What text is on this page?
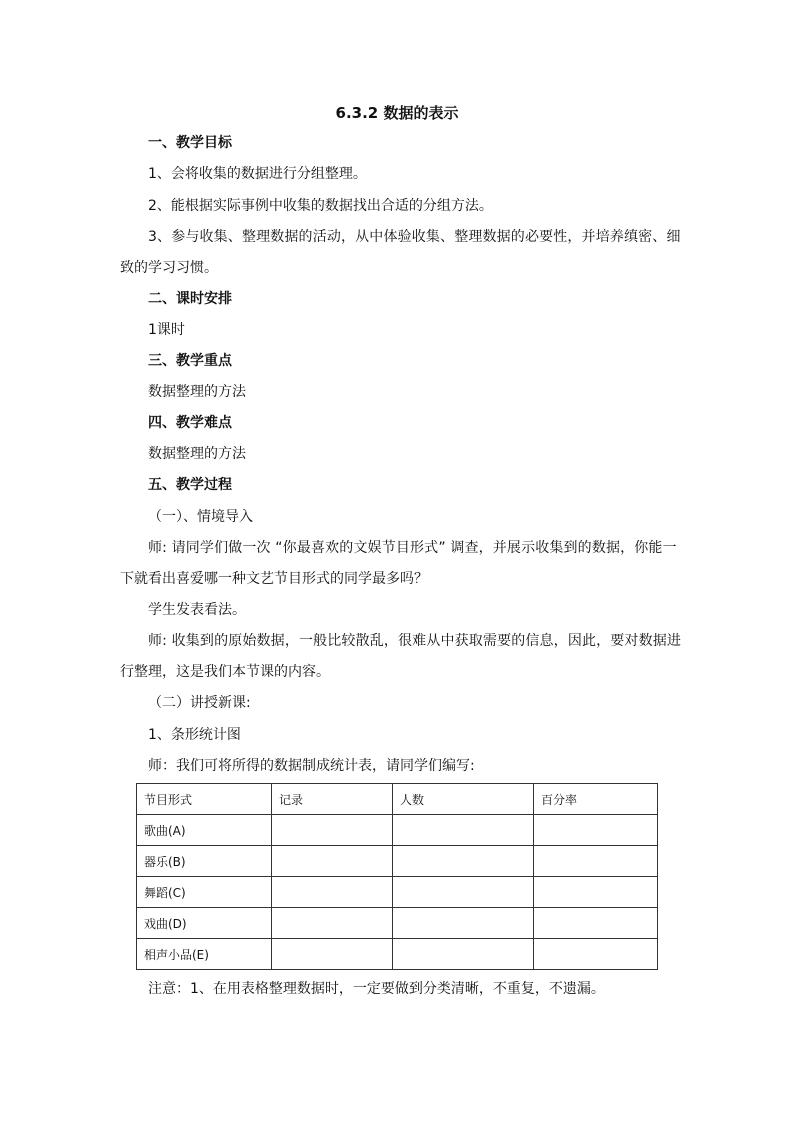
6.3.2 数据的表示

一、教学目标

1、会将收集的数据进行分组整理。

2、能根据实际事例中收集的数据找出合适的分组方法。

3、参与收集、整理数据的活动，从中体验收集、整理数据的必要性，并培养缜密、细

致的学习习惯。

二、课时安排

1课时

三、教学重点

数据整理的方法

四、教学难点

数据整理的方法

五、教学过程

（一）、情境导入

师: 请同学们做一次 “你最喜欢的文娱节目形式” 调查，并展示收集到的数据，你能一

下就看出喜爱哪一种文艺节目形式的同学最多吗？

学生发表看法。

师: 收集到的原始数据，一般比较散乱，很难从中获取需要的信息，因此，要对数据进

行整理，这是我们本节课的内容。

（二）讲授新课:

1、条形统计图

师：我们可将所得的数据制成统计表，请同学们编写:

节目形式	记录	人数	百分率
歌曲(A)			
器乐(B)			
舞蹈(C)			
戏曲(D)			
相声小品(E)			

注意：1、在用表格整理数据时，一定要做到分类清晰，不重复，不遗漏。
